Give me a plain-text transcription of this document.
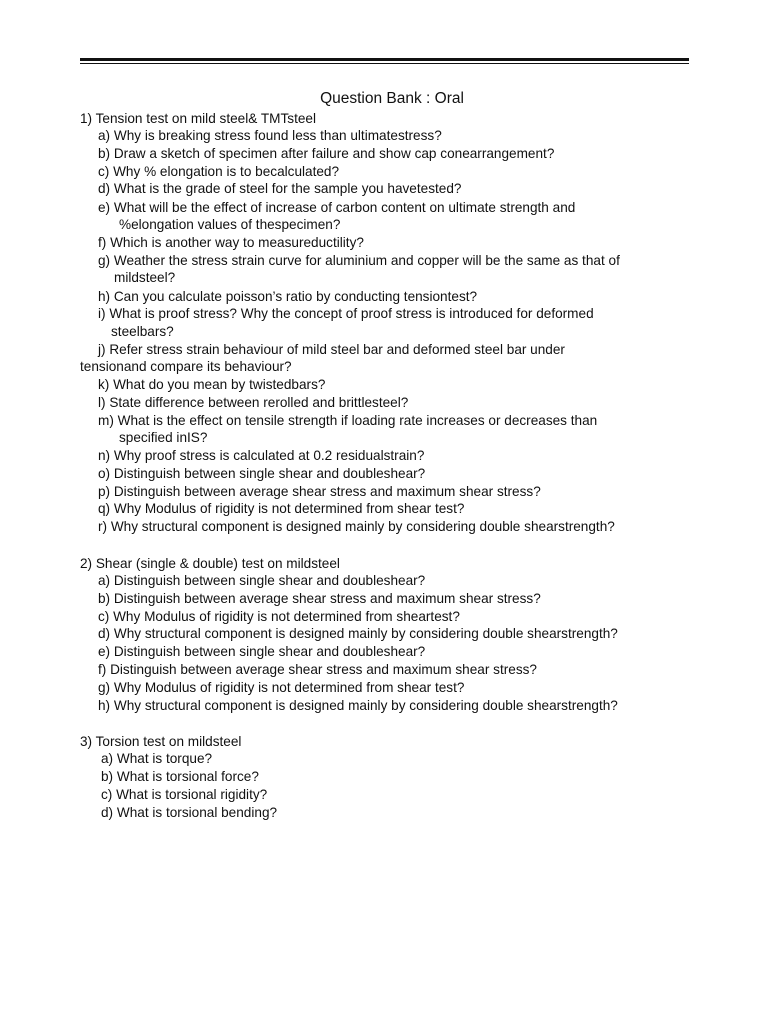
Question Bank : Oral
1) Tension test on mild steel& TMTsteel
a) Why is breaking stress found less than ultimatestress?
b) Draw a sketch of specimen after failure and show cap conearrangement?
c) Why % elongation is to becalculated?
d) What is the grade of steel for the sample you havetested?
e) What will be the effect of increase of carbon content on ultimate strength and
%elongation values of thespecimen?
f) Which is another way to measureductility?
g) Weather the stress strain curve for aluminium and copper will be the same as that of
mildsteel?
h) Can you calculate poisson’s ratio by conducting tensiontest?
i) What is proof stress? Why the concept of proof stress is introduced for deformed
steelbars?
j) Refer stress strain behaviour of mild steel bar and deformed steel bar under
tensionand compare its behaviour?
k) What do you mean by twistedbars?
l) State difference between rerolled and brittlesteel?
m) What is the effect on tensile strength if loading rate increases or decreases than
specified inIS?
n) Why proof stress is calculated at 0.2 residualstrain?
o) Distinguish between single shear and doubleshear?
p) Distinguish between average shear stress and maximum shear stress?
q) Why Modulus of rigidity is not determined from shear test?
r) Why structural component is designed mainly by considering double shearstrength?
2) Shear (single & double) test on mildsteel
a) Distinguish between single shear and doubleshear?
b) Distinguish between average shear stress and maximum shear stress?
c) Why Modulus of rigidity is not determined from sheartest?
d) Why structural component is designed mainly by considering double shearstrength?
e) Distinguish between single shear and doubleshear?
f) Distinguish between average shear stress and maximum shear stress?
g) Why Modulus of rigidity is not determined from shear test?
h) Why structural component is designed mainly by considering double shearstrength?
3) Torsion test on mildsteel
a) What is torque?
b) What is torsional force?
c) What is torsional rigidity?
d) What is torsional bending?
